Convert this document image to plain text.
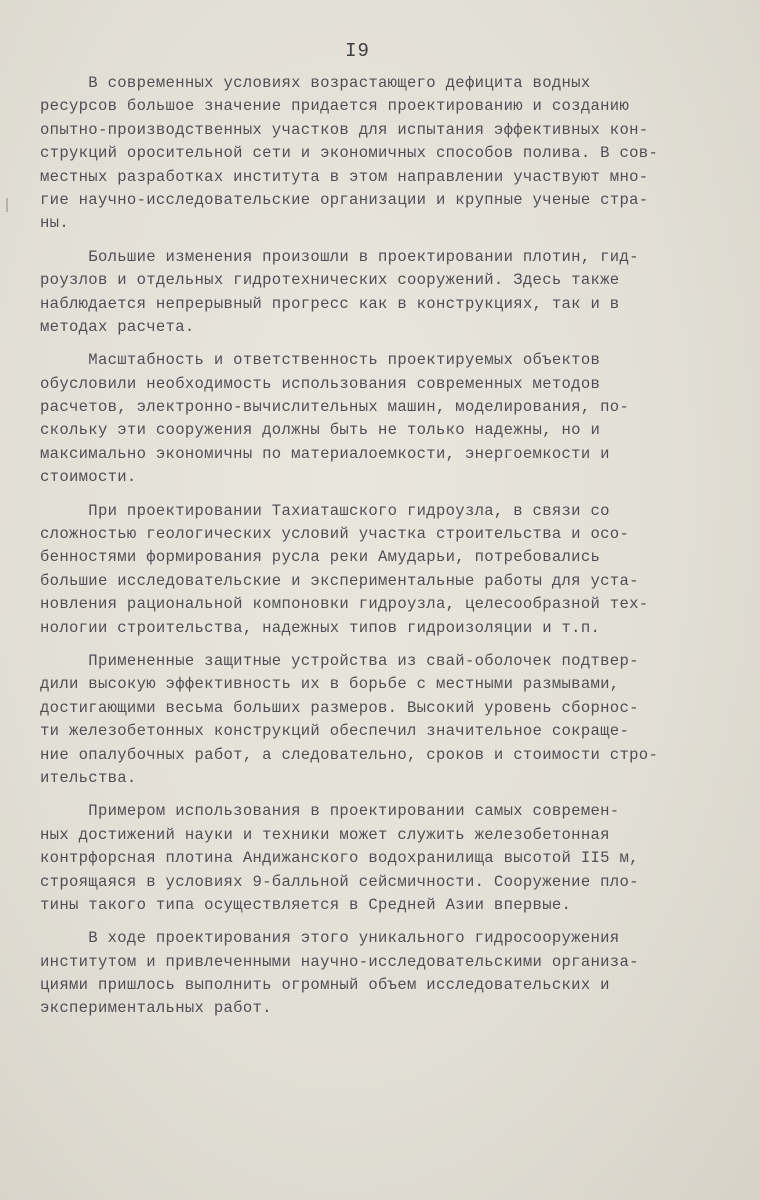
I9
В современных условиях возрастающего дефицита водных
ресурсов большое значение придается проектированию и созданию
опытно-производственных участков для испытания эффективных кон-
струкций оросительной сети и экономичных способов полива. В сов-
местных разработках института в этом направлении участвуют мно-
гие научно-исследовательские организации и крупные ученые стра-
ны.
Большие изменения произошли в проектировании плотин, гид-
роузлов и отдельных гидротехнических сооружений. Здесь также
наблюдается непрерывный прогресс как в конструкциях, так и в
методах расчета.
Масштабность и ответственность проектируемых объектов
обусловили необходимость использования современных методов
расчетов, электронно-вычислительных машин, моделирования, по-
скольку эти сооружения должны быть не только надежны, но и
максимально экономичны по материалоемкости, энергоемкости и
стоимости.
При проектировании Тахиаташского гидроузла, в связи со
сложностью геологических условий участка строительства и осо-
бенностями формирования русла реки Амударьи, потребовались
большие исследовательские и экспериментальные работы для уста-
новления рациональной компоновки гидроузла, целесообразной тех-
нологии строительства, надежных типов гидроизоляции и т.п.
Примененные защитные устройства из свай-оболочек подтвер-
дили высокую эффективность их в борьбе с местными размывами,
достигающими весьма больших размеров. Высокий уровень сборнос-
ти железобетонных конструкций обеспечил значительное сокраще-
ние опалубочных работ, а следовательно, сроков и стоимости стро-
ительства.
Примером использования в проектировании самых современ-
ных достижений науки и техники может служить железобетонная
контрфорсная плотина Андижанского водохранилища высотой II5 м,
строящаяся в условиях 9-балльной сейсмичности. Сооружение пло-
тины такого типа осуществляется в Средней Азии впервые.
В ходе проектирования этого уникального гидросооружения
институтом и привлеченными научно-исследовательскими организа-
циями пришлось выполнить огромный объем исследовательских и
экспериментальных работ.
